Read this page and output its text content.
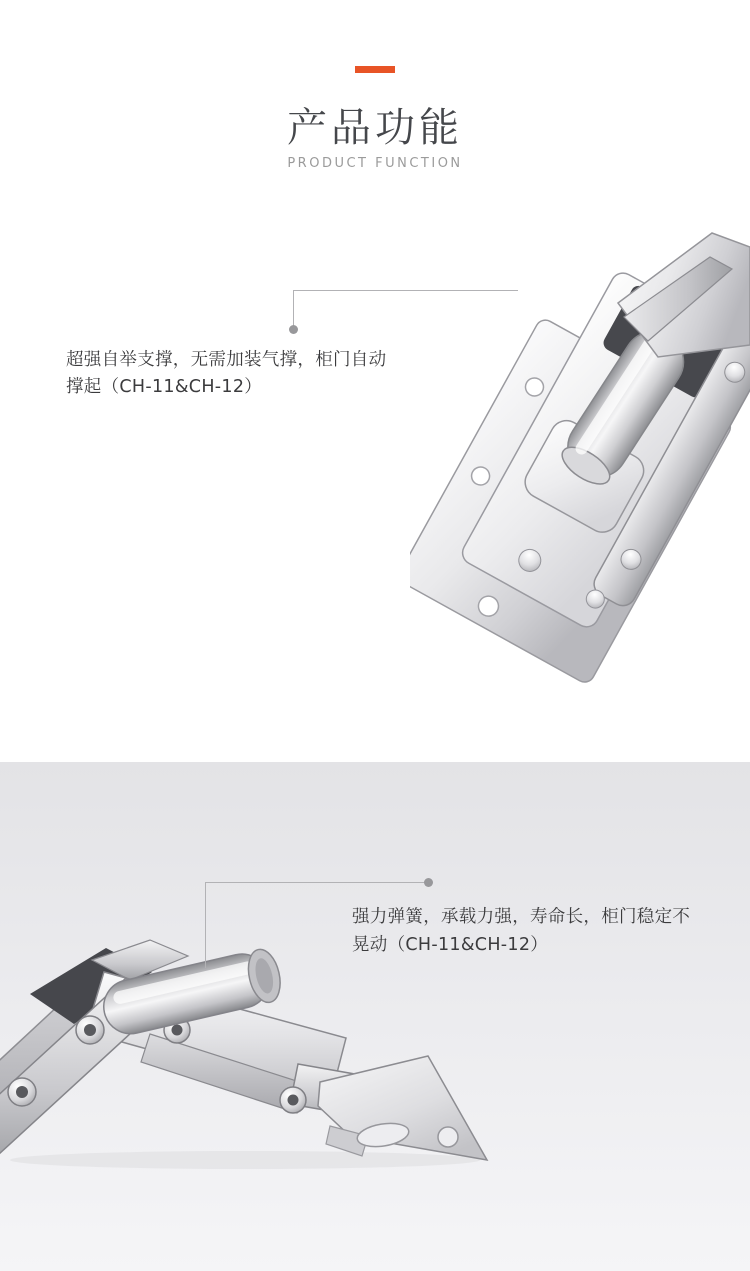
产品功能
PRODUCT FUNCTION
超强自举支撑，无需加装气撑，柜门自动
撑起（CH-11&CH-12）
强力弹簧，承载力强，寿命长，柜门稳定不
晃动（CH-11&CH-12）
